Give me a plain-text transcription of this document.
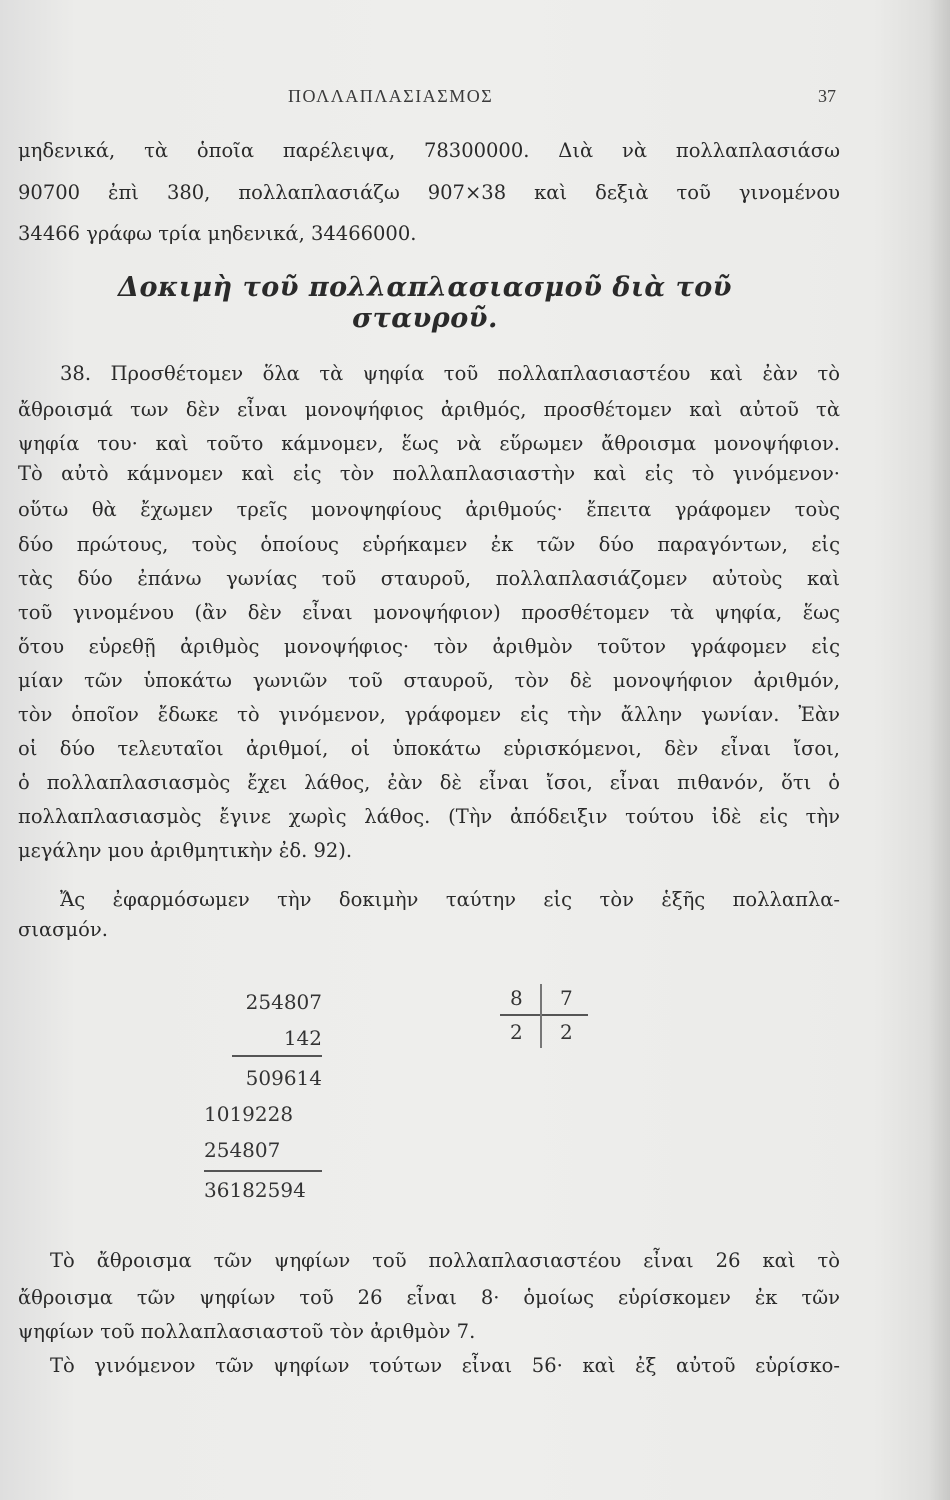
ΠΟΛΛΑΠΛΑΣΙΑΣΜΟΣ	37
μηδενικά, τὰ ὁποῖα παρέλειψα, 78300000. Διὰ νὰ πολλαπλασιάσω
90700 ἐπὶ 380, πολλαπλασιάζω 907×38 καὶ δεξιὰ τοῦ γινομένου
34466 γράφω τρία μηδενικά, 34466000.
Δοκιμὴ τοῦ πολλαπλασιασμοῦ διὰ τοῦ σταυροῦ.
38. Προσθέτομεν ὅλα τὰ ψηφία τοῦ πολλαπλασιαστέου καὶ ἐὰν τὸ
ἄθροισμά των δὲν εἶναι μονοψήφιος ἀριθμός, προσθέτομεν καὶ αὐτοῦ τὰ
ψηφία του· καὶ τοῦτο κάμνομεν, ἕως νὰ εὕρωμεν ἄθροισμα μονοψήφιον.
Τὸ αὐτὸ κάμνομεν καὶ εἰς τὸν πολλαπλασιαστὴν καὶ εἰς τὸ γινόμενον·
οὕτω θὰ ἔχωμεν τρεῖς μονοψηφίους ἀριθμούς· ἔπειτα γράφομεν τοὺς
δύο πρώτους, τοὺς ὁποίους εὑρήκαμεν ἐκ τῶν δύο παραγόντων, εἰς
τὰς δύο ἐπάνω γωνίας τοῦ σταυροῦ, πολλαπλασιάζομεν αὐτοὺς καὶ
τοῦ γινομένου (ἂν δὲν εἶναι μονοψήφιον) προσθέτομεν τὰ ψηφία, ἕως
ὅτου εὑρεθῇ ἀριθμὸς μονοψήφιος· τὸν ἀριθμὸν τοῦτον γράφομεν εἰς
μίαν τῶν ὑποκάτω γωνιῶν τοῦ σταυροῦ, τὸν δὲ μονοψήφιον ἀριθμόν,
τὸν ὁποῖον ἔδωκε τὸ γινόμενον, γράφομεν εἰς τὴν ἄλλην γωνίαν. Ἐὰν
οἱ δύο τελευταῖοι ἀριθμοί, οἱ ὑποκάτω εὑρισκόμενοι, δὲν εἶναι ἴσοι,
ὁ πολλαπλασιασμὸς ἔχει λάθος, ἐὰν δὲ εἶναι ἴσοι, εἶναι πιθανόν, ὅτι ὁ
πολλαπλασιασμὸς ἔγινε χωρὶς λάθος. (Τὴν ἀπόδειξιν τούτου ἰδὲ εἰς τὴν
μεγάλην μου ἀριθμητικὴν ἐδ. 92).
Ἄς ἐφαρμόσωμεν τὴν δοκιμὴν ταύτην εἰς τὸν ἑξῆς πολλαπλα-
σιασμόν.
254807
142
509614
1019228
254807
36182594
8 7
2 2
Τὸ ἄθροισμα τῶν ψηφίων τοῦ πολλαπλασιαστέου εἶναι 26 καὶ τὸ
ἄθροισμα τῶν ψηφίων τοῦ 26 εἶναι 8· ὁμοίως εὑρίσκομεν ἐκ τῶν
ψηφίων τοῦ πολλαπλασιαστοῦ τὸν ἀριθμὸν 7.
Τὸ γινόμενον τῶν ψηφίων τούτων εἶναι 56· καὶ ἐξ αὐτοῦ εὑρίσκο-
